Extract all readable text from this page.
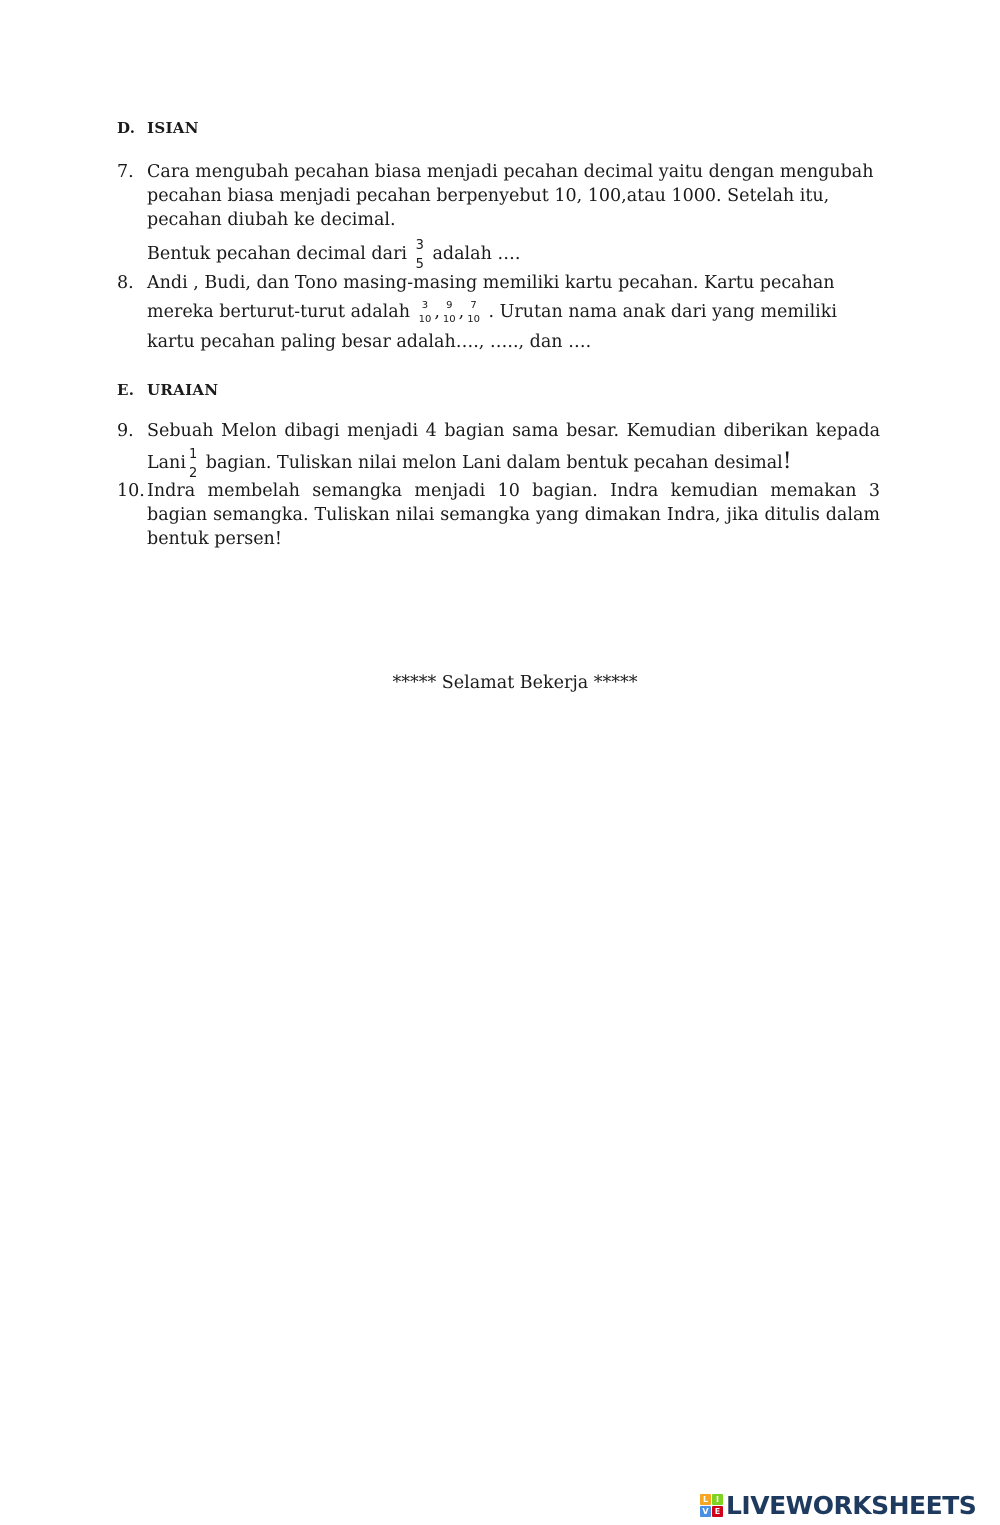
D. ISIAN
7. Cara mengubah pecahan biasa menjadi pecahan decimal yaitu dengan mengubah
pecahan biasa menjadi pecahan berpenyebut 10, 100,atau 1000. Setelah itu,
pecahan diubah ke decimal.
Bentuk pecahan decimal dari 3
5 adalah ….
8. Andi , Budi, dan Tono masing-masing memiliki kartu pecahan. Kartu pecahan
mereka berturut-turut adalah	3
10 , 9
10 , 7
10 . Urutan nama anak dari yang memiliki
kartu pecahan paling besar adalah…., ….., dan ….
E. URAIAN
9. Sebuah Melon dibagi menjadi 4 bagian sama besar. Kemudian diberikan kepada
Lani 1
2 bagian. Tuliskan nilai melon Lani dalam bentuk pecahan desimal!
10. Indra membelah semangka menjadi 10 bagian. Indra kemudian memakan 3
bagian semangka. Tuliskan nilai semangka yang dimakan Indra, jika ditulis dalam
bentuk persen!
***** Selamat Bekerja *****
L I
V E LIVEWORKSHEETS
